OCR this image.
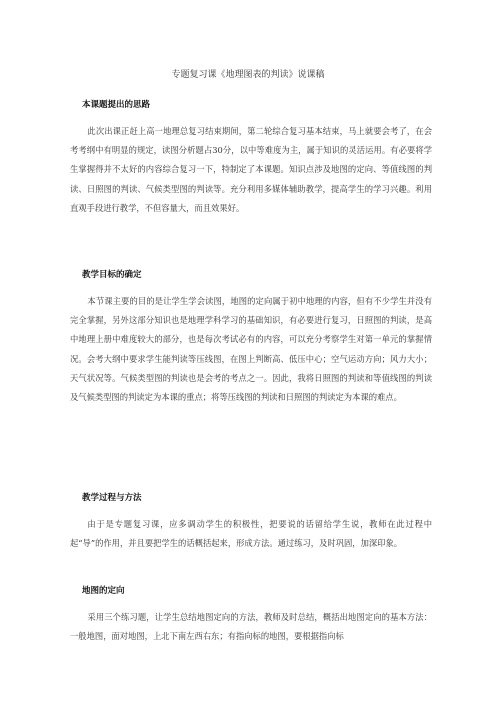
专题复习课《地理图表的判读》说课稿
本课题提出的思路

此次出课正赶上高一地理总复习结束期间，第二轮综合复习基本结束，马上就要会考了，在会考考纲中有明显的规定，读图分析题占30分，以中等难度为主，属于知识的灵活运用。有必要将学生掌握得并不太好的内容综合复习一下，特制定了本课题。知识点涉及地图的定向、等值线图的判读、日照图的判读、气候类型图的判读等。充分利用多媒体辅助教学，提高学生的学习兴趣。利用直观手段进行教学，不但容量大，而且效果好。

教学目标的确定

本节课主要的目的是让学生学会读图，地图的定向属于初中地理的内容，但有不少学生并没有完全掌握，另外这部分知识也是地理学科学习的基础知识，有必要进行复习，日照图的判读，是高中地理上册中难度较大的部分，也是每次考试必有的内容，可以充分考察学生对第一单元的掌握情况。会考大纲中要求学生能判读等压线图，在图上判断高、低压中心；空气运动方向；风力大小；天气状况等。气候类型图的判读也是会考的考点之一。因此，我将日照图的判读和等值线图的判读及气候类型图的判读定为本课的重点；将等压线图的判读和日照图的判读定为本课的难点。

教学过程与方法

由于是专题复习课，应多调动学生的积极性，把要说的话留给学生说，教师在此过程中起“导”的作用，并且要把学生的话概括起来，形成方法。通过练习，及时巩固，加深印象。

地图的定向

采用三个练习题，让学生总结地图定向的方法，教师及时总结，概括出地图定向的基本方法：一般地图，面对地图，上北下南左西右东；有指向标的地图，要根据指向标
